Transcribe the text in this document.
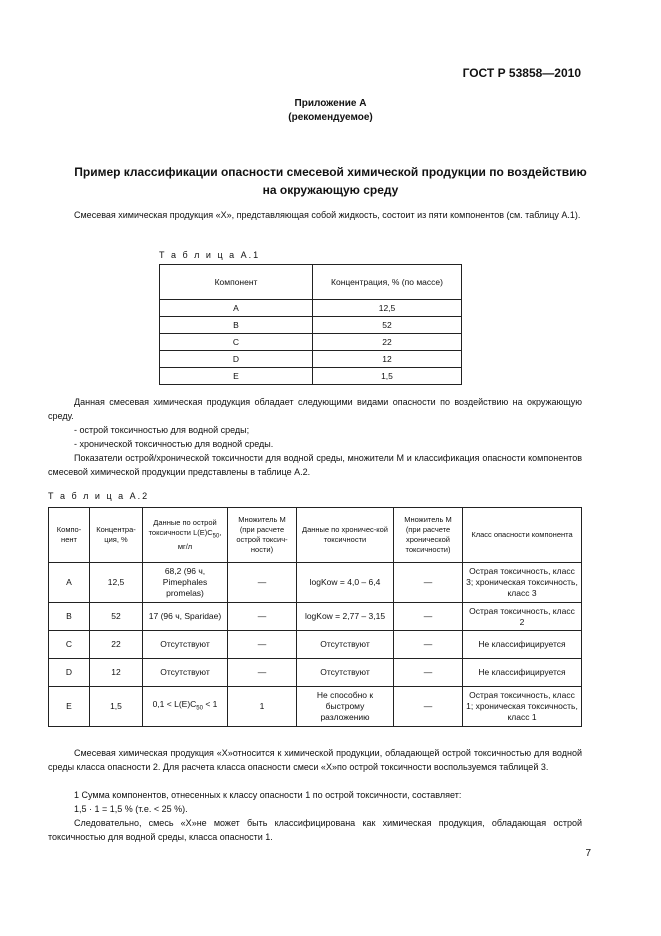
ГОСТ Р 53858—2010
Приложение А
(рекомендуемое)
Пример классификации опасности смесевой химической продукции по воздействию
на окружающую среду
Смесевая химическая продукция «Х», представляющая собой жидкость, состоит из пяти компонентов (см. таблицу А.1).
Т а б л и ц а А.1
Компонент	Концентрация, % (по массе)
A	12,5
B	52
C	22
D	12
E	1,5
Данная смесевая химическая продукция обладает следующими видами опасности по воздействию на окружающую среду.
- острой токсичностью для водной среды;
- хронической токсичностью для водной среды.
Показатели острой/хронической токсичности для водной среды, множители М и классификация опасности компонентов смесевой химической продукции представлены в таблице А.2.
Т а б л и ц а А.2
Компо-нент	Концентра-ция, %	Данные по острой токсичности $L(E)C_{50}$, мг/л	Множитель М (при расчете острой токсич-ности)	Данные по хроничес-кой токсичности	Множитель М (при расчете хронической токсичности)	Класс опасности компонента
A	12,5	68,2 (96 ч, Pimephales promelas)	—	logKow = 4,0 – 6,4	—	Острая токсичность, класс 3; хроническая токсичность, класс 3
B	52	17 (96 ч, Sparidae)	—	logKow = 2,77 – 3,15	—	Острая токсичность, класс 2
C	22	Отсутствуют	—	Отсутствуют	—	Не классифицируется
D	12	Отсутствуют	—	Отсутствуют	—	Не классифицируется
E	1,5	$0,1 < L(E)C_{50} < 1$	1	Не способно к быстрому разложению	—	Острая токсичность, класс 1; хроническая токсичность, класс 1
Смесевая химическая продукция «Х»относится к химической продукции, обладающей острой токсичностью для водной среды класса опасности 2. Для расчета класса опасности смеси «Х»по острой токсичности воспользуемся таблицей 3.
1 Сумма компонентов, отнесенных к классу опасности 1 по острой токсичности, составляет:
1,5 · 1 = 1,5 % (т.е. < 25 %).
Следовательно, смесь «Х»не может быть классифицирована как химическая продукция, обладающая острой токсичностью для водной среды, класса опасности 1.
7
